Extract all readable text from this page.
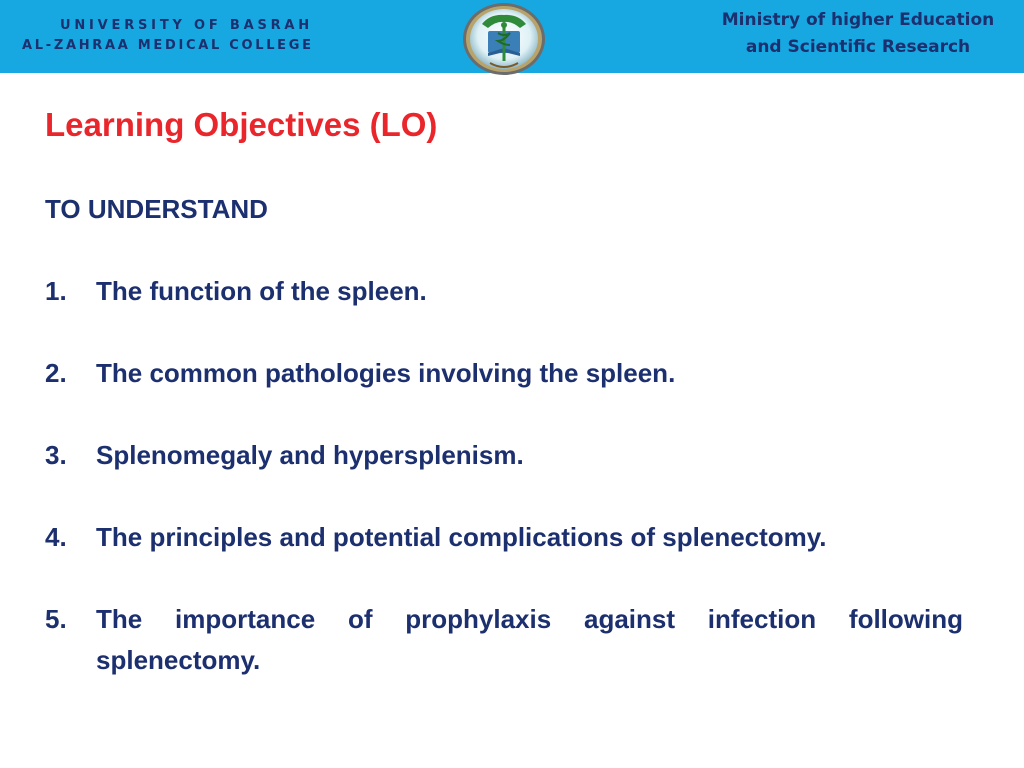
UNIVERSITY OF BASRAH
AL-ZAHRAA MEDICAL COLLEGE
Ministry of higher Education
and Scientific Research
Learning Objectives (LO)
TO UNDERSTAND
1. The function of the spleen.
2. The common pathologies involving the spleen.
3. Splenomegaly and hypersplenism.
4. The principles and potential complications of splenectomy.
5. The importance of prophylaxis against infection following splenectomy.
